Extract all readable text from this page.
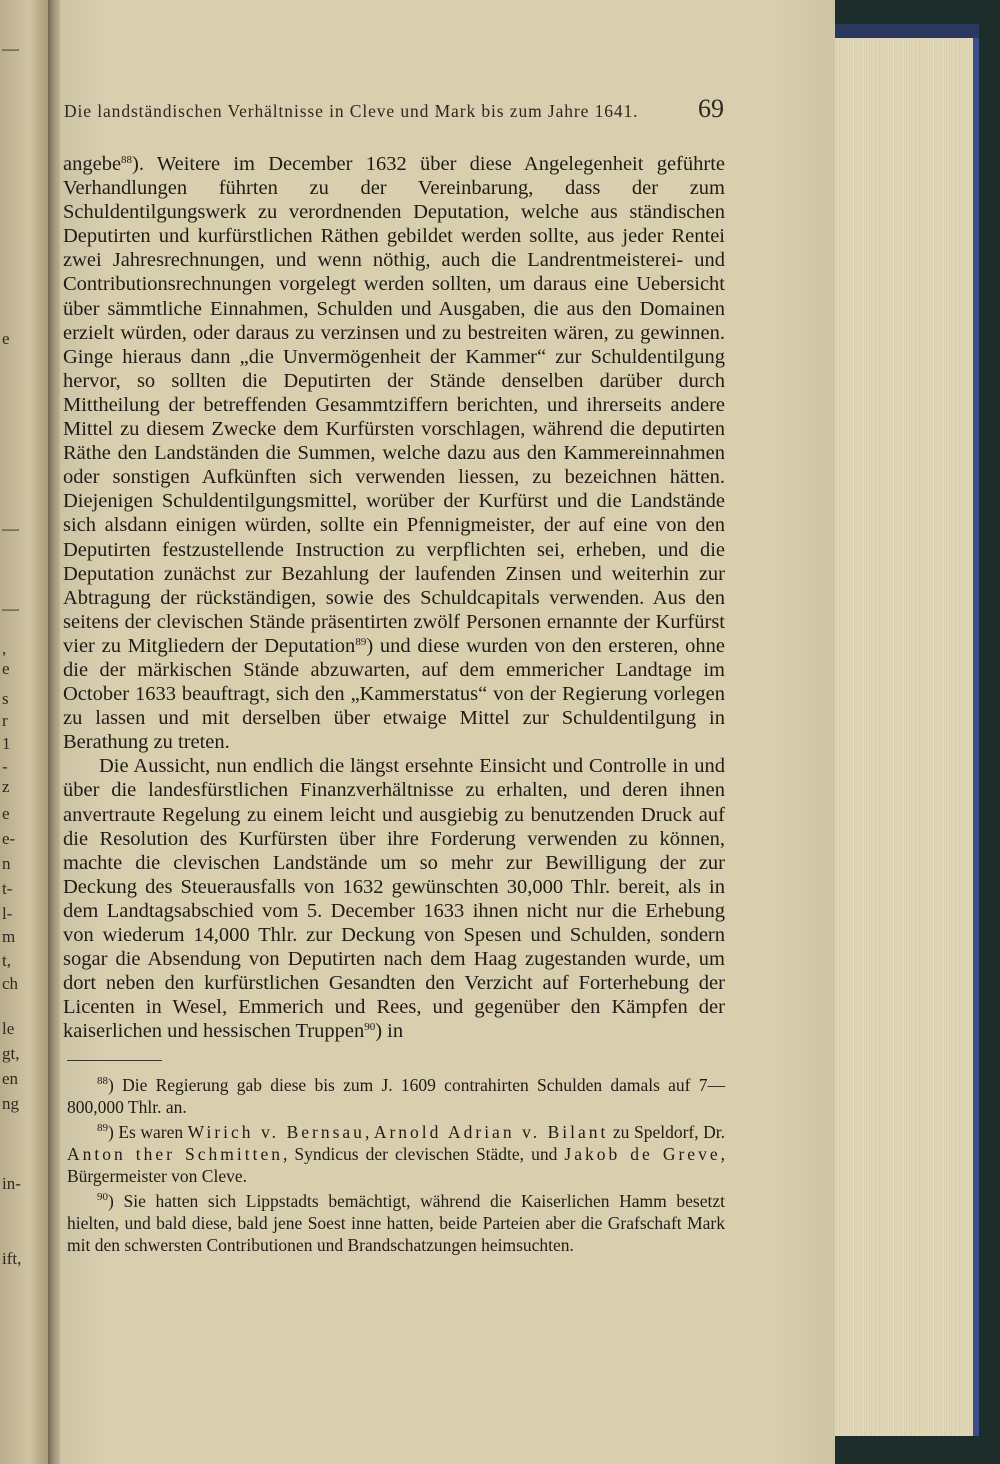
—
e
—
—
,
e
s
r
1
-
z
e
e-
n
t-
l-
m
t,
ch
le
gt,
en
ng
in-
ift,
Die landständischen Verhältnisse in Cleve und Mark bis zum Jahre 1641.	69

angebe$^{88}$). Weitere im December 1632 über diese Angelegenheit geführte Verhandlungen führten zu der Vereinbarung, dass der zum Schuldentilgungswerk zu verordnenden Deputation, welche aus ständischen Deputirten und kurfürstlichen Räthen gebildet werden sollte, aus jeder Rentei zwei Jahresrechnungen, und wenn nöthig, auch die Landrentmeisterei- und Contributionsrechnungen vorgelegt werden sollten, um daraus eine Uebersicht über sämmtliche Einnahmen, Schulden und Ausgaben, die aus den Domainen erzielt würden, oder daraus zu verzinsen und zu bestreiten wären, zu gewinnen. Ginge hieraus dann „die Unvermögenheit der Kammer“ zur Schuldentilgung hervor, so sollten die Deputirten der Stände denselben darüber durch Mittheilung der betreffenden Gesammtziffern berichten, und ihrerseits andere Mittel zu diesem Zwecke dem Kurfürsten vorschlagen, während die deputirten Räthe den Landständen die Summen, welche dazu aus den Kammereinnahmen oder sonstigen Aufkünften sich verwenden liessen, zu bezeichnen hätten. Diejenigen Schuldentilgungsmittel, worüber der Kurfürst und die Landstände sich alsdann einigen würden, sollte ein Pfennigmeister, der auf eine von den Deputirten festzustellende Instruction zu verpflichten sei, erheben, und die Deputation zunächst zur Bezahlung der laufenden Zinsen und weiterhin zur Abtragung der rückständigen, sowie des Schuldcapitals verwenden. Aus den seitens der clevischen Stände präsentirten zwölf Personen ernannte der Kurfürst vier zu Mitgliedern der Deputation$^{89}$) und diese wurden von den ersteren, ohne die der märkischen Stände abzuwarten, auf dem emmericher Landtage im October 1633 beauftragt, sich den „Kammerstatus“ von der Regierung vorlegen zu lassen und mit derselben über etwaige Mittel zur Schuldentilgung in Berathung zu treten.

Die Aussicht, nun endlich die längst ersehnte Einsicht und Controlle in und über die landesfürstlichen Finanzverhältnisse zu erhalten, und deren ihnen anvertraute Regelung zu einem leicht und ausgiebig zu benutzenden Druck auf die Resolution des Kurfürsten über ihre Forderung verwenden zu können, machte die clevischen Landstände um so mehr zur Bewilligung der zur Deckung des Steuerausfalls von 1632 gewünschten 30,000 Thlr. bereit, als in dem Landtagsabschied vom 5. December 1633 ihnen nicht nur die Erhebung von wiederum 14,000 Thlr. zur Deckung von Spesen und Schulden, sondern sogar die Absendung von Deputirten nach dem Haag zugestanden wurde, um dort neben den kurfürstlichen Gesandten den Verzicht auf Forterhebung der Licenten in Wesel, Emmerich und Rees, und gegenüber den Kämpfen der kaiserlichen und hessischen Truppen$^{90}$) in

$^{88}$) Die Regierung gab diese bis zum J. 1609 contrahirten Schulden damals auf 7—800,000 Thlr. an.

$^{89}$) Es waren Wirich v. Bernsau, Arnold Adrian v. Bilant zu Speldorf, Dr. Anton ther Schmitten, Syndicus der clevischen Städte, und Jakob de Greve, Bürgermeister von Cleve.

$^{90}$) Sie hatten sich Lippstadts bemächtigt, während die Kaiserlichen Hamm besetzt hielten, und bald diese, bald jene Soest inne hatten, beide Parteien aber die Grafschaft Mark mit den schwersten Contributionen und Brandschatzungen heimsuchten.
